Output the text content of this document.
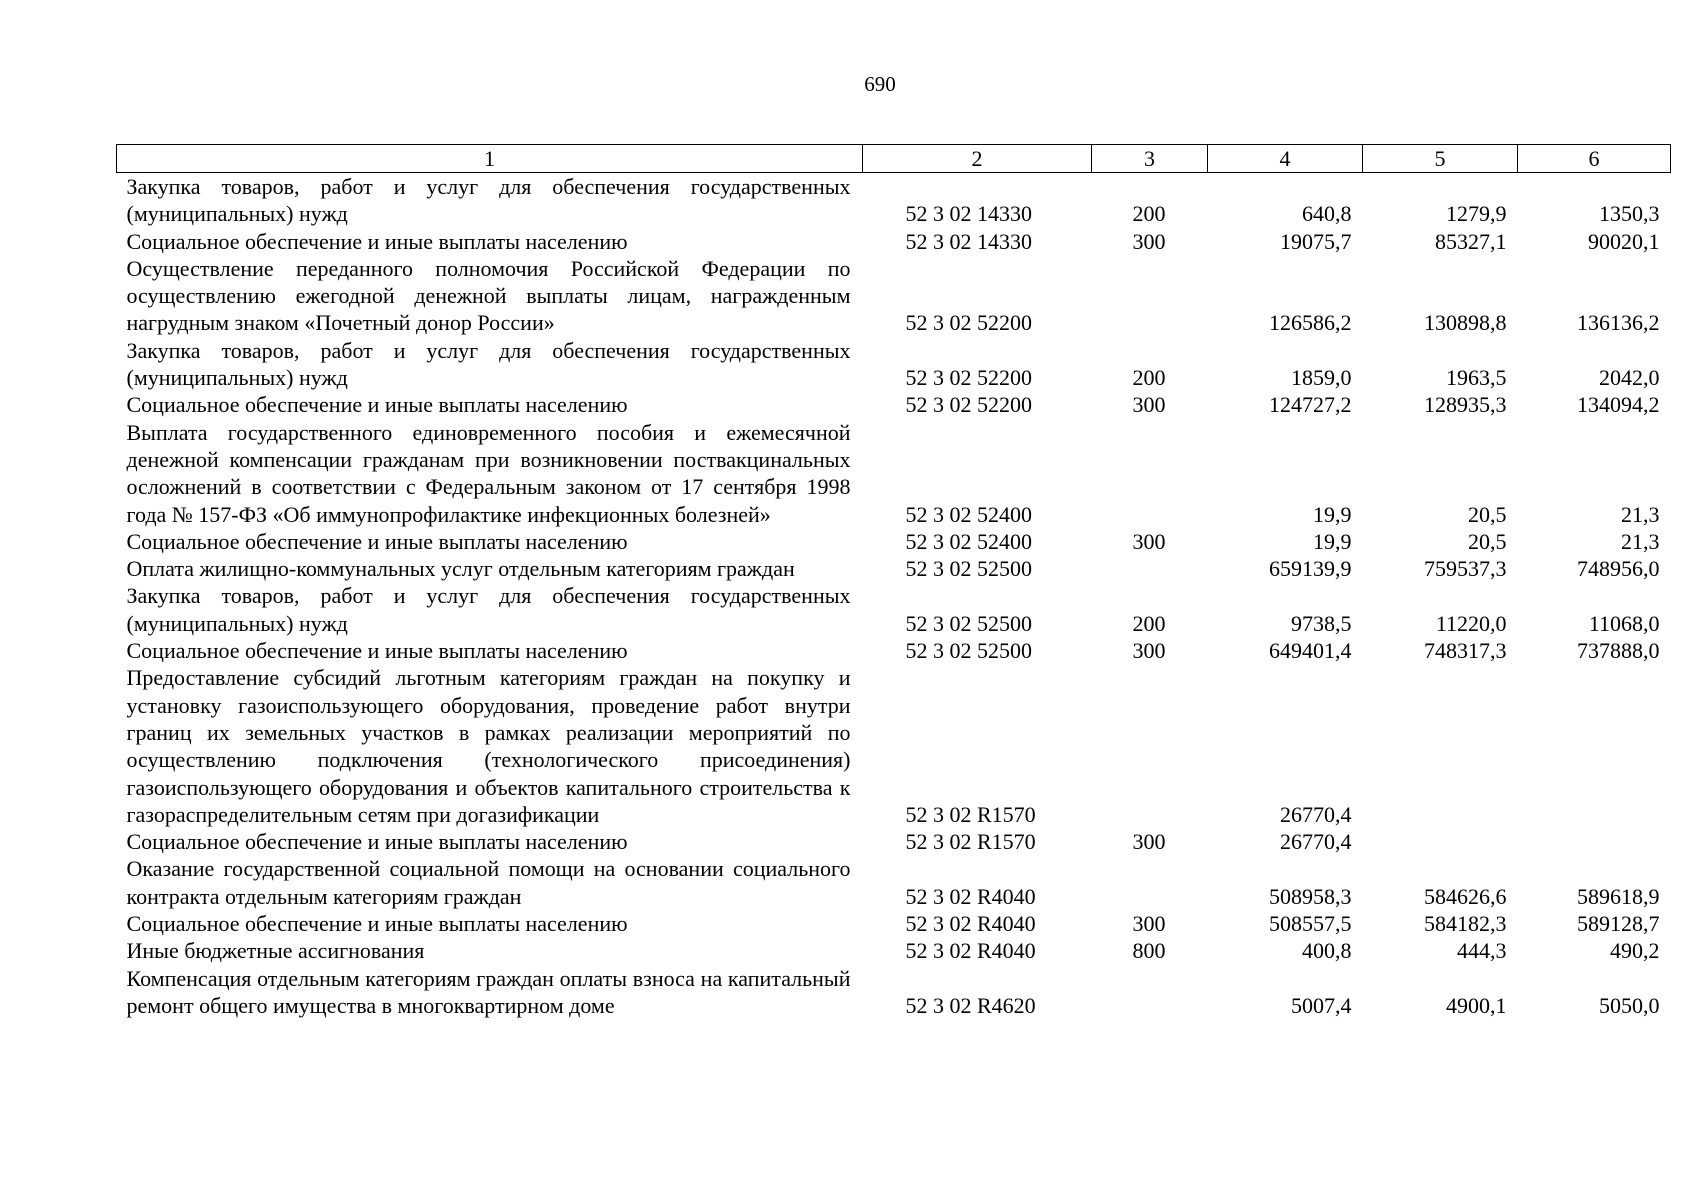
690
1	2	3	4	5	6
Закупка товаров, работ и услуг для обеспечения государственных (муниципальных) нужд	52 3 02 14330	200	640,8	1279,9	1350,3
Социальное обеспечение и иные выплаты населению	52 3 02 14330	300	19075,7	85327,1	90020,1
Осуществление переданного полномочия Российской Федерации по осуществлению ежегодной денежной выплаты лицам, награжденным нагрудным знаком «Почетный донор России»	52 3 02 52200		126586,2	130898,8	136136,2
Закупка товаров, работ и услуг для обеспечения государственных (муниципальных) нужд	52 3 02 52200	200	1859,0	1963,5	2042,0
Социальное обеспечение и иные выплаты населению	52 3 02 52200	300	124727,2	128935,3	134094,2
Выплата государственного единовременного пособия и ежемесячной денежной компенсации гражданам при возникновении поствакцинальных осложнений в соответствии с Федеральным законом от 17 сентября 1998 года № 157-ФЗ «Об иммунопрофилактике инфекционных болезней»	52 3 02 52400		19,9	20,5	21,3
Социальное обеспечение и иные выплаты населению	52 3 02 52400	300	19,9	20,5	21,3
Оплата жилищно-коммунальных услуг отдельным категориям граждан	52 3 02 52500		659139,9	759537,3	748956,0
Закупка товаров, работ и услуг для обеспечения государственных (муниципальных) нужд	52 3 02 52500	200	9738,5	11220,0	11068,0
Социальное обеспечение и иные выплаты населению	52 3 02 52500	300	649401,4	748317,3	737888,0
Предоставление субсидий льготным категориям граждан на покупку и установку газоиспользующего оборудования, проведение работ внутри границ их земельных участков в рамках реализации мероприятий по осуществлению подключения (технологического присоединения) газоиспользующего оборудования и объектов капитального строительства к газораспределительным сетям при догазификации	52 3 02 R1570		26770,4		
Социальное обеспечение и иные выплаты населению	52 3 02 R1570	300	26770,4		
Оказание государственной социальной помощи на основании социального контракта отдельным категориям граждан	52 3 02 R4040		508958,3	584626,6	589618,9
Социальное обеспечение и иные выплаты населению	52 3 02 R4040	300	508557,5	584182,3	589128,7
Иные бюджетные ассигнования	52 3 02 R4040	800	400,8	444,3	490,2
Компенсация отдельным категориям граждан оплаты взноса на капитальный ремонт общего имущества в многоквартирном доме	52 3 02 R4620		5007,4	4900,1	5050,0
